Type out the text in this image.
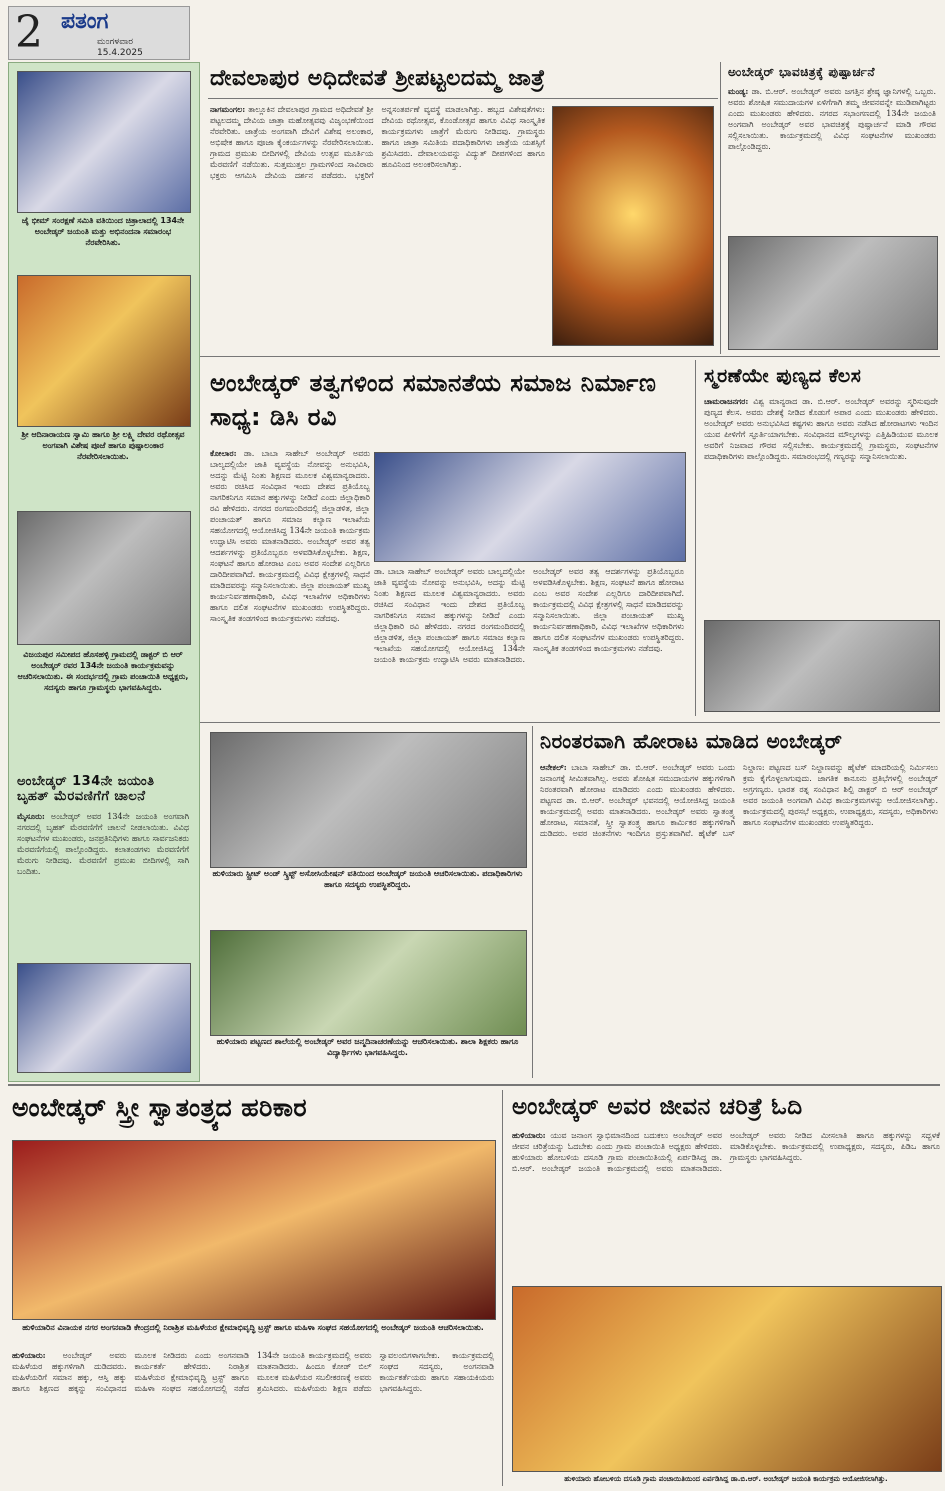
2 ಪತಂಗ
ಮಂಗಳವಾರ
15.4.2025
ಜೈ ಭೀಮ್ ಸಂರಕ್ಷಣೆ ಸಮಿತಿ ವತಿಯಿಂದ ಚಿತ್ರಾಲಾದಲ್ಲಿ 134ನೇ ಅಂಬೇಡ್ಕರ್ ಜಯಂತಿ ಮತ್ತು ಅಭಿನಂದನಾ ಸಮಾರಂಭ ನೆರವೇರಿಸಿತು.
ಶ್ರೀ ಆದಿನಾರಾಯಣ ಸ್ವಾಮಿ ಹಾಗೂ ಶ್ರೀ ಲಕ್ಷ್ಮಿ ದೇವರ ರಥೋತ್ಸವ ಅಂಗವಾಗಿ ವಿಶೇಷ ಪೂಜೆ ಹಾಗೂ ಪುಷ್ಪಾಲಂಕಾರ ನೆರವೇರಿಸಲಾಯಿತು.
ವಿಜಯಪುರ ಸಮೀಪದ ಹೊಸಹಳ್ಳಿ ಗ್ರಾಮದಲ್ಲಿ ಡಾಕ್ಟರ್ ಬಿ ಆರ್ ಅಂಬೇಡ್ಕರ್ ರವರ 134ನೇ ಜಯಂತಿ ಕಾರ್ಯಕ್ರಮವನ್ನು ಆಚರಿಸಲಾಯಿತು. ಈ ಸಂದರ್ಭದಲ್ಲಿ ಗ್ರಾಮ ಪಂಚಾಯಿತಿ ಅಧ್ಯಕ್ಷರು, ಸದಸ್ಯರು ಹಾಗೂ ಗ್ರಾಮಸ್ಥರು ಭಾಗವಹಿಸಿದ್ದರು.
ಅಂಬೇಡ್ಕರ್ 134ನೇ ಜಯಂತಿ ಬೃಹತ್ ಮೆರವಣಿಗೆಗೆ ಚಾಲನೆ
ಮೈಸೂರು: ಅಂಬೇಡ್ಕರ್ ಅವರ 134ನೇ ಜಯಂತಿ ಅಂಗವಾಗಿ ನಗರದಲ್ಲಿ ಬೃಹತ್ ಮೆರವಣಿಗೆಗೆ ಚಾಲನೆ ನೀಡಲಾಯಿತು. ವಿವಿಧ ಸಂಘಟನೆಗಳ ಮುಖಂಡರು, ಜನಪ್ರತಿನಿಧಿಗಳು ಹಾಗೂ ಸಾರ್ವಜನಿಕರು ಮೆರವಣಿಗೆಯಲ್ಲಿ ಪಾಲ್ಗೊಂಡಿದ್ದರು. ಕಲಾತಂಡಗಳು ಮೆರವಣಿಗೆಗೆ ಮೆರುಗು ನೀಡಿದವು. ಮೆರವಣಿಗೆ ಪ್ರಮುಖ ಬೀದಿಗಳಲ್ಲಿ ಸಾಗಿ ಬಂದಿತು.
ದೇವಲಾಪುರ ಅಧಿದೇವತೆ ಶ್ರೀಪಟ್ಟಲದಮ್ಮ ಜಾತ್ರೆ
ನಾಗಮಂಗಲ: ತಾಲ್ಲೂಕಿನ ದೇವಲಾಪುರ ಗ್ರಾಮದ ಅಧಿದೇವತೆ ಶ್ರೀ ಪಟ್ಟಲದಮ್ಮ ದೇವಿಯ ಜಾತ್ರಾ ಮಹೋತ್ಸವವು ವಿಜೃಂಭಣೆಯಿಂದ ನೆರವೇರಿತು. ಜಾತ್ರೆಯ ಅಂಗವಾಗಿ ದೇವಿಗೆ ವಿಶೇಷ ಅಲಂಕಾರ, ಅಭಿಷೇಕ ಹಾಗೂ ಪೂಜಾ ಕೈಂಕರ್ಯಗಳನ್ನು ನೆರವೇರಿಸಲಾಯಿತು. ಗ್ರಾಮದ ಪ್ರಮುಖ ಬೀದಿಗಳಲ್ಲಿ ದೇವಿಯ ಉತ್ಸವ ಮೂರ್ತಿಯ ಮೆರವಣಿಗೆ ನಡೆಯಿತು. ಸುತ್ತಮುತ್ತಲ ಗ್ರಾಮಗಳಿಂದ ಸಾವಿರಾರು ಭಕ್ತರು ಆಗಮಿಸಿ ದೇವಿಯ ದರ್ಶನ ಪಡೆದರು. ಭಕ್ತರಿಗೆ ಅನ್ನಸಂತರ್ಪಣೆ ವ್ಯವಸ್ಥೆ ಮಾಡಲಾಗಿತ್ತು. ಹಬ್ಬದ ವಿಶೇಷತೆಗಳು: ದೇವಿಯ ರಥೋತ್ಸವ, ಕೊಂಡೋತ್ಸವ ಹಾಗೂ ವಿವಿಧ ಸಾಂಸ್ಕೃತಿಕ ಕಾರ್ಯಕ್ರಮಗಳು ಜಾತ್ರೆಗೆ ಮೆರುಗು ನೀಡಿದವು. ಗ್ರಾಮಸ್ಥರು ಹಾಗೂ ಜಾತ್ರಾ ಸಮಿತಿಯ ಪದಾಧಿಕಾರಿಗಳು ಜಾತ್ರೆಯ ಯಶಸ್ಸಿಗೆ ಶ್ರಮಿಸಿದರು. ದೇವಾಲಯವನ್ನು ವಿದ್ಯುತ್ ದೀಪಗಳಿಂದ ಹಾಗೂ ಹೂವಿನಿಂದ ಅಲಂಕರಿಸಲಾಗಿತ್ತು.
ಅಂಬೇಡ್ಕರ್ ಭಾವಚಿತ್ರಕ್ಕೆ ಪುಷ್ಪಾರ್ಚನೆ
ಮಂಡ್ಯ: ಡಾ. ಬಿ.ಆರ್. ಅಂಬೇಡ್ಕರ್ ಅವರು ಜಗತ್ತಿನ ಶ್ರೇಷ್ಠ ಜ್ಞಾನಿಗಳಲ್ಲಿ ಒಬ್ಬರು. ಅವರು ಶೋಷಿತ ಸಮುದಾಯಗಳ ಏಳಿಗೆಗಾಗಿ ತಮ್ಮ ಜೀವನವನ್ನೇ ಮುಡಿಪಾಗಿಟ್ಟರು ಎಂದು ಮುಖಂಡರು ಹೇಳಿದರು. ನಗರದ ಸಭಾಂಗಣದಲ್ಲಿ 134ನೇ ಜಯಂತಿ ಅಂಗವಾಗಿ ಅಂಬೇಡ್ಕರ್ ಅವರ ಭಾವಚಿತ್ರಕ್ಕೆ ಪುಷ್ಪಾರ್ಚನೆ ಮಾಡಿ ಗೌರವ ಸಲ್ಲಿಸಲಾಯಿತು. ಕಾರ್ಯಕ್ರಮದಲ್ಲಿ ವಿವಿಧ ಸಂಘಟನೆಗಳ ಮುಖಂಡರು ಪಾಲ್ಗೊಂಡಿದ್ದರು.
ಅಂಬೇಡ್ಕರ್ ತತ್ವಗಳಿಂದ ಸಮಾನತೆಯ ಸಮಾಜ ನಿರ್ಮಾಣ ಸಾಧ್ಯ: ಡಿಸಿ ರವಿ
ಕೋಲಾರ: ಡಾ. ಬಾಬಾ ಸಾಹೇಬ್ ಅಂಬೇಡ್ಕರ್ ಅವರು ಬಾಲ್ಯದಲ್ಲಿಯೇ ಜಾತಿ ವ್ಯವಸ್ಥೆಯ ನೋವನ್ನು ಅನುಭವಿಸಿ, ಅದನ್ನು ಮೆಟ್ಟಿ ನಿಂತು ಶಿಕ್ಷಣದ ಮೂಲಕ ವಿಶ್ವಮಾನ್ಯರಾದರು. ಅವರು ರಚಿಸಿದ ಸಂವಿಧಾನ ಇಂದು ದೇಶದ ಪ್ರತಿಯೊಬ್ಬ ನಾಗರಿಕನಿಗೂ ಸಮಾನ ಹಕ್ಕುಗಳನ್ನು ನೀಡಿದೆ ಎಂದು ಜಿಲ್ಲಾಧಿಕಾರಿ ರವಿ ಹೇಳಿದರು. ನಗರದ ರಂಗಮಂದಿರದಲ್ಲಿ ಜಿಲ್ಲಾಡಳಿತ, ಜಿಲ್ಲಾ ಪಂಚಾಯತ್ ಹಾಗೂ ಸಮಾಜ ಕಲ್ಯಾಣ ಇಲಾಖೆಯ ಸಹಯೋಗದಲ್ಲಿ ಆಯೋಜಿಸಿದ್ದ 134ನೇ ಜಯಂತಿ ಕಾರ್ಯಕ್ರಮ ಉದ್ಘಾಟಿಸಿ ಅವರು ಮಾತನಾಡಿದರು. ಅಂಬೇಡ್ಕರ್ ಅವರ ತತ್ವ ಆದರ್ಶಗಳನ್ನು ಪ್ರತಿಯೊಬ್ಬರೂ ಅಳವಡಿಸಿಕೊಳ್ಳಬೇಕು. ಶಿಕ್ಷಣ, ಸಂಘಟನೆ ಹಾಗೂ ಹೋರಾಟ ಎಂಬ ಅವರ ಸಂದೇಶ ಎಲ್ಲರಿಗೂ ದಾರಿದೀಪವಾಗಿದೆ. ಕಾರ್ಯಕ್ರಮದಲ್ಲಿ ವಿವಿಧ ಕ್ಷೇತ್ರಗಳಲ್ಲಿ ಸಾಧನೆ ಮಾಡಿದವರನ್ನು ಸನ್ಮಾನಿಸಲಾಯಿತು. ಜಿಲ್ಲಾ ಪಂಚಾಯತ್ ಮುಖ್ಯ ಕಾರ್ಯನಿರ್ವಹಣಾಧಿಕಾರಿ, ವಿವಿಧ ಇಲಾಖೆಗಳ ಅಧಿಕಾರಿಗಳು ಹಾಗೂ ದಲಿತ ಸಂಘಟನೆಗಳ ಮುಖಂಡರು ಉಪಸ್ಥಿತರಿದ್ದರು. ಸಾಂಸ್ಕೃತಿಕ ತಂಡಗಳಿಂದ ಕಾರ್ಯಕ್ರಮಗಳು ನಡೆದವು.
ಡಾ. ಬಾಬಾ ಸಾಹೇಬ್ ಅಂಬೇಡ್ಕರ್ ಅವರು ಬಾಲ್ಯದಲ್ಲಿಯೇ ಜಾತಿ ವ್ಯವಸ್ಥೆಯ ನೋವನ್ನು ಅನುಭವಿಸಿ, ಅದನ್ನು ಮೆಟ್ಟಿ ನಿಂತು ಶಿಕ್ಷಣದ ಮೂಲಕ ವಿಶ್ವಮಾನ್ಯರಾದರು. ಅವರು ರಚಿಸಿದ ಸಂವಿಧಾನ ಇಂದು ದೇಶದ ಪ್ರತಿಯೊಬ್ಬ ನಾಗರಿಕನಿಗೂ ಸಮಾನ ಹಕ್ಕುಗಳನ್ನು ನೀಡಿದೆ ಎಂದು ಜಿಲ್ಲಾಧಿಕಾರಿ ರವಿ ಹೇಳಿದರು. ನಗರದ ರಂಗಮಂದಿರದಲ್ಲಿ ಜಿಲ್ಲಾಡಳಿತ, ಜಿಲ್ಲಾ ಪಂಚಾಯತ್ ಹಾಗೂ ಸಮಾಜ ಕಲ್ಯಾಣ ಇಲಾಖೆಯ ಸಹಯೋಗದಲ್ಲಿ ಆಯೋಜಿಸಿದ್ದ 134ನೇ ಜಯಂತಿ ಕಾರ್ಯಕ್ರಮ ಉದ್ಘಾಟಿಸಿ ಅವರು ಮಾತನಾಡಿದರು. ಅಂಬೇಡ್ಕರ್ ಅವರ ತತ್ವ ಆದರ್ಶಗಳನ್ನು ಪ್ರತಿಯೊಬ್ಬರೂ ಅಳವಡಿಸಿಕೊಳ್ಳಬೇಕು. ಶಿಕ್ಷಣ, ಸಂಘಟನೆ ಹಾಗೂ ಹೋರಾಟ ಎಂಬ ಅವರ ಸಂದೇಶ ಎಲ್ಲರಿಗೂ ದಾರಿದೀಪವಾಗಿದೆ. ಕಾರ್ಯಕ್ರಮದಲ್ಲಿ ವಿವಿಧ ಕ್ಷೇತ್ರಗಳಲ್ಲಿ ಸಾಧನೆ ಮಾಡಿದವರನ್ನು ಸನ್ಮಾನಿಸಲಾಯಿತು. ಜಿಲ್ಲಾ ಪಂಚಾಯತ್ ಮುಖ್ಯ ಕಾರ್ಯನಿರ್ವಹಣಾಧಿಕಾರಿ, ವಿವಿಧ ಇಲಾಖೆಗಳ ಅಧಿಕಾರಿಗಳು ಹಾಗೂ ದಲಿತ ಸಂಘಟನೆಗಳ ಮುಖಂಡರು ಉಪಸ್ಥಿತರಿದ್ದರು. ಸಾಂಸ್ಕೃತಿಕ ತಂಡಗಳಿಂದ ಕಾರ್ಯಕ್ರಮಗಳು ನಡೆದವು.
ಸ್ಮರಣೆಯೇ ಪುಣ್ಯದ ಕೆಲಸ
ಚಾಮರಾಜನಗರ: ವಿಶ್ವ ಮಾನ್ಯರಾದ ಡಾ. ಬಿ.ಆರ್. ಅಂಬೇಡ್ಕರ್ ಅವರನ್ನು ಸ್ಮರಿಸುವುದೇ ಪುಣ್ಯದ ಕೆಲಸ. ಅವರು ದೇಶಕ್ಕೆ ನೀಡಿದ ಕೊಡುಗೆ ಅಪಾರ ಎಂದು ಮುಖಂಡರು ಹೇಳಿದರು. ಅಂಬೇಡ್ಕರ್ ಅವರು ಅನುಭವಿಸಿದ ಕಷ್ಟಗಳು ಹಾಗೂ ಅವರು ನಡೆಸಿದ ಹೋರಾಟಗಳು ಇಂದಿನ ಯುವ ಪೀಳಿಗೆಗೆ ಸ್ಫೂರ್ತಿಯಾಗಬೇಕು. ಸಂವಿಧಾನದ ಮೌಲ್ಯಗಳನ್ನು ಎತ್ತಿಹಿಡಿಯುವ ಮೂಲಕ ಅವರಿಗೆ ನಿಜವಾದ ಗೌರವ ಸಲ್ಲಿಸಬೇಕು. ಕಾರ್ಯಕ್ರಮದಲ್ಲಿ ಗ್ರಾಮಸ್ಥರು, ಸಂಘಟನೆಗಳ ಪದಾಧಿಕಾರಿಗಳು ಪಾಲ್ಗೊಂಡಿದ್ದರು. ಸಮಾರಂಭದಲ್ಲಿ ಗಣ್ಯರನ್ನು ಸನ್ಮಾನಿಸಲಾಯಿತು.
ಹುಳಿಯಾರು ಸ್ಟ್ರೀಟ್ ಅಂಡ್ ಸ್ಕ್ರಿಪ್ಟ್ ಅಸೋಸಿಯೇಷನ್ ವತಿಯಿಂದ ಅಂಬೇಡ್ಕರ್ ಜಯಂತಿ ಆಚರಿಸಲಾಯಿತು. ಪದಾಧಿಕಾರಿಗಳು ಹಾಗೂ ಸದಸ್ಯರು ಉಪಸ್ಥಿತರಿದ್ದರು.
ಹುಳಿಯಾರು ಪಟ್ಟಣದ ಶಾಲೆಯಲ್ಲಿ ಅಂಬೇಡ್ಕರ್ ಅವರ ಜನ್ಮದಿನಾಚರಣೆಯನ್ನು ಆಚರಿಸಲಾಯಿತು. ಶಾಲಾ ಶಿಕ್ಷಕರು ಹಾಗೂ ವಿದ್ಯಾರ್ಥಿಗಳು ಭಾಗವಹಿಸಿದ್ದರು.
ನಿರಂತರವಾಗಿ ಹೋರಾಟ ಮಾಡಿದ ಅಂಬೇಡ್ಕರ್
ಆನೇಕಲ್: ಬಾಬಾ ಸಾಹೇಬ್ ಡಾ. ಬಿ.ಆರ್. ಅಂಬೇಡ್ಕರ್ ಅವರು ಒಂದು ಜನಾಂಗಕ್ಕೆ ಸೀಮಿತವಾಗಿಲ್ಲ. ಅವರು ಶೋಷಿತ ಸಮುದಾಯಗಳ ಹಕ್ಕುಗಳಿಗಾಗಿ ನಿರಂತರವಾಗಿ ಹೋರಾಟ ಮಾಡಿದರು ಎಂದು ಮುಖಂಡರು ಹೇಳಿದರು. ಪಟ್ಟಣದ ಡಾ. ಬಿ.ಆರ್. ಅಂಬೇಡ್ಕರ್ ಭವನದಲ್ಲಿ ಆಯೋಜಿಸಿದ್ದ ಜಯಂತಿ ಕಾರ್ಯಕ್ರಮದಲ್ಲಿ ಅವರು ಮಾತನಾಡಿದರು. ಅಂಬೇಡ್ಕರ್ ಅವರು ಸ್ವಾತಂತ್ರ್ಯ ಹೋರಾಟ, ಸಮಾನತೆ, ಸ್ತ್ರೀ ಸ್ವಾತಂತ್ರ್ಯ ಹಾಗೂ ಕಾರ್ಮಿಕರ ಹಕ್ಕುಗಳಿಗಾಗಿ ದುಡಿದರು. ಅವರ ಚಿಂತನೆಗಳು ಇಂದಿಗೂ ಪ್ರಸ್ತುತವಾಗಿವೆ. ಹೈಟೆಕ್ ಬಸ್ ನಿಲ್ದಾಣ: ಪಟ್ಟಣದ ಬಸ್ ನಿಲ್ದಾಣವನ್ನು ಹೈಟೆಕ್ ಮಾದರಿಯಲ್ಲಿ ನಿರ್ಮಿಸಲು ಕ್ರಮ ಕೈಗೊಳ್ಳಲಾಗುವುದು. ಜಾಗತಿಕ ಕಾನೂನು ಪ್ರತಿಭೆಗಳಲ್ಲಿ ಅಂಬೇಡ್ಕರ್ ಅಗ್ರಗಣ್ಯರು. ಭಾರತ ರತ್ನ ಸಂವಿಧಾನ ಶಿಲ್ಪಿ ಡಾಕ್ಟರ್ ಬಿ ಆರ್ ಅಂಬೇಡ್ಕರ್ ಅವರ ಜಯಂತಿ ಅಂಗವಾಗಿ ವಿವಿಧ ಕಾರ್ಯಕ್ರಮಗಳನ್ನು ಆಯೋಜಿಸಲಾಗಿತ್ತು. ಕಾರ್ಯಕ್ರಮದಲ್ಲಿ ಪುರಸಭೆ ಅಧ್ಯಕ್ಷರು, ಉಪಾಧ್ಯಕ್ಷರು, ಸದಸ್ಯರು, ಅಧಿಕಾರಿಗಳು ಹಾಗೂ ಸಂಘಟನೆಗಳ ಮುಖಂಡರು ಉಪಸ್ಥಿತರಿದ್ದರು.
ಅಂಬೇಡ್ಕರ್ ಸ್ತ್ರೀ ಸ್ವಾತಂತ್ರ್ಯದ ಹರಿಕಾರ
ಹುಳಿಯಾರಿನ ವಿನಾಯಕ ನಗರ ಅಂಗನವಾಡಿ ಕೇಂದ್ರದಲ್ಲಿ ನಿರಾಶ್ರಿತ ಮಹಿಳೆಯರ ಕ್ಷೇಮಾಭಿವೃದ್ಧಿ ಟ್ರಸ್ಟ್ ಹಾಗೂ ಮಹಿಳಾ ಸಂಘದ ಸಹಯೋಗದಲ್ಲಿ ಅಂಬೇಡ್ಕರ್ ಜಯಂತಿ ಆಚರಿಸಲಾಯಿತು.
ಹುಳಿಯಾರು: ಅಂಬೇಡ್ಕರ್ ಅವರು ಮಹಿಳೆಯರ ಹಕ್ಕುಗಳಿಗಾಗಿ ದುಡಿದವರು. ಮಹಿಳೆಯರಿಗೆ ಸಮಾನ ಹಕ್ಕು, ಆಸ್ತಿ ಹಕ್ಕು ಹಾಗೂ ಶಿಕ್ಷಣದ ಹಕ್ಕನ್ನು ಸಂವಿಧಾನದ ಮೂಲಕ ನೀಡಿದರು ಎಂದು ಅಂಗನವಾಡಿ ಕಾರ್ಯಕರ್ತೆ ಹೇಳಿದರು. ನಿರಾಶ್ರಿತ ಮಹಿಳೆಯರ ಕ್ಷೇಮಾಭಿವೃದ್ಧಿ ಟ್ರಸ್ಟ್ ಹಾಗೂ ಮಹಿಳಾ ಸಂಘದ ಸಹಯೋಗದಲ್ಲಿ ನಡೆದ 134ನೇ ಜಯಂತಿ ಕಾರ್ಯಕ್ರಮದಲ್ಲಿ ಅವರು ಮಾತನಾಡಿದರು. ಹಿಂದೂ ಕೋಡ್ ಬಿಲ್ ಮೂಲಕ ಮಹಿಳೆಯರ ಸಬಲೀಕರಣಕ್ಕೆ ಅವರು ಶ್ರಮಿಸಿದರು. ಮಹಿಳೆಯರು ಶಿಕ್ಷಣ ಪಡೆದು ಸ್ವಾವಲಂಬಿಗಳಾಗಬೇಕು. ಕಾರ್ಯಕ್ರಮದಲ್ಲಿ ಸಂಘದ ಸದಸ್ಯರು, ಅಂಗನವಾಡಿ ಕಾರ್ಯಕರ್ತೆಯರು ಹಾಗೂ ಸಹಾಯಕಿಯರು ಭಾಗವಹಿಸಿದ್ದರು.
ಅಂಬೇಡ್ಕರ್ ಅವರ ಜೀವನ ಚರಿತ್ರೆ ಓದಿ
ಹುಳಿಯಾರು: ಯುವ ಜನಾಂಗ ಸ್ವಾಭಿಮಾನದಿಂದ ಬದುಕಲು ಅಂಬೇಡ್ಕರ್ ಅವರ ಜೀವನ ಚರಿತ್ರೆಯನ್ನು ಓದಬೇಕು ಎಂದು ಗ್ರಾಮ ಪಂಚಾಯಿತಿ ಅಧ್ಯಕ್ಷರು ಹೇಳಿದರು. ಹುಳಿಯಾರು ಹೋಬಳಿಯ ದಸೂಡಿ ಗ್ರಾಮ ಪಂಚಾಯಿತಿಯಲ್ಲಿ ಏರ್ಪಡಿಸಿದ್ದ ಡಾ. ಬಿ.ಆರ್. ಅಂಬೇಡ್ಕರ್ ಜಯಂತಿ ಕಾರ್ಯಕ್ರಮದಲ್ಲಿ ಅವರು ಮಾತನಾಡಿದರು. ಅಂಬೇಡ್ಕರ್ ಅವರು ನೀಡಿದ ಮೀಸಲಾತಿ ಹಾಗೂ ಹಕ್ಕುಗಳನ್ನು ಸದ್ಬಳಕೆ ಮಾಡಿಕೊಳ್ಳಬೇಕು. ಕಾರ್ಯಕ್ರಮದಲ್ಲಿ ಉಪಾಧ್ಯಕ್ಷರು, ಸದಸ್ಯರು, ಪಿಡಿಒ ಹಾಗೂ ಗ್ರಾಮಸ್ಥರು ಭಾಗವಹಿಸಿದ್ದರು.
ಹುಳಿಯಾರು ಹೋಬಳಿಯ ದಸೂಡಿ ಗ್ರಾಮ ಪಂಚಾಯಿತಿಯಿಂದ ಏರ್ಪಡಿಸಿದ್ದ ಡಾ.ಬಿ.ಆರ್. ಅಂಬೇಡ್ಕರ್ ಜಯಂತಿ ಕಾರ್ಯಕ್ರಮ ಆಯೋಜಿಸಲಾಗಿತ್ತು.
